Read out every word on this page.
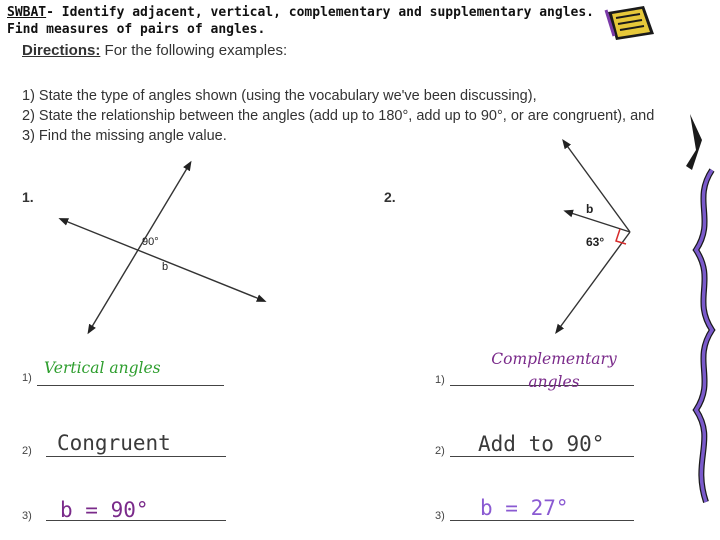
SWBAT- Identify adjacent, vertical, complementary and supplementary angles.
Find measures of pairs of angles.
Directions: For the following examples:
1) State the type of angles shown (using the vocabulary we've been discussing),
2) State the relationship between the angles (add up to 180°, add up to 90°, or are congruent), and
3) Find the missing angle value.
1.	2.
90°
b
b
63°
1)
Vertical angles
2) Congruent
3) b = 90°
1)
Complementary
angles
2) Add to 90°
3) b = 27°
